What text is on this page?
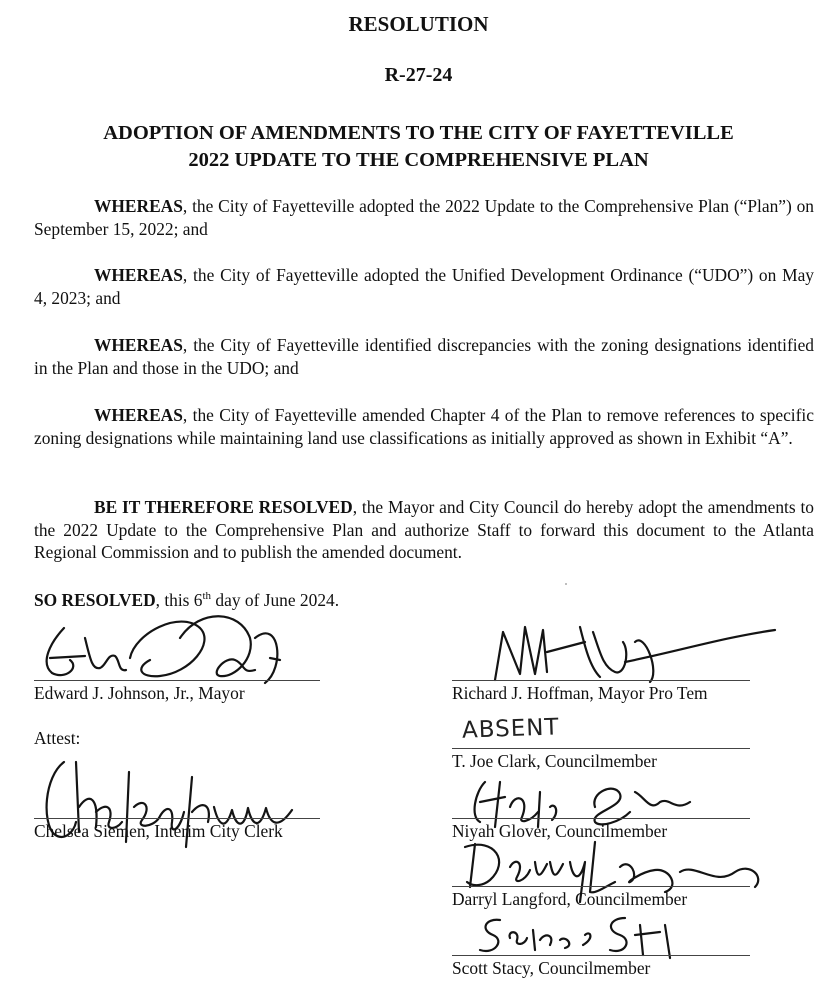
RESOLUTION
R-27-24
ADOPTION OF AMENDMENTS TO THE CITY OF FAYETTEVILLE
2022 UPDATE TO THE COMPREHENSIVE PLAN

WHEREAS, the City of Fayetteville adopted the 2022 Update to the Comprehensive Plan (“Plan”) on September 15, 2022; and

WHEREAS, the City of Fayetteville adopted the Unified Development Ordinance (“UDO”) on May 4, 2023; and

WHEREAS, the City of Fayetteville identified discrepancies with the zoning designations identified in the Plan and those in the UDO; and

WHEREAS, the City of Fayetteville amended Chapter 4 of the Plan to remove references to specific zoning designations while maintaining land use classifications as initially approved as shown in Exhibit “A”.

BE IT THEREFORE RESOLVED, the Mayor and City Council do hereby adopt the amendments to the 2022 Update to the Comprehensive Plan and authorize Staff to forward this document to the Atlanta Regional Commission and to publish the amended document.

SO RESOLVED, this 6th day of June 2024.
Edward J. Johnson, Jr., Mayor
Attest:
Chelsea Siemen, Interim City Clerk
Richard J. Hoffman, Mayor Pro Tem
ABSENT
T. Joe Clark, Councilmember
Niyah Glover, Councilmember
Darryl Langford, Councilmember
Scott Stacy, Councilmember
